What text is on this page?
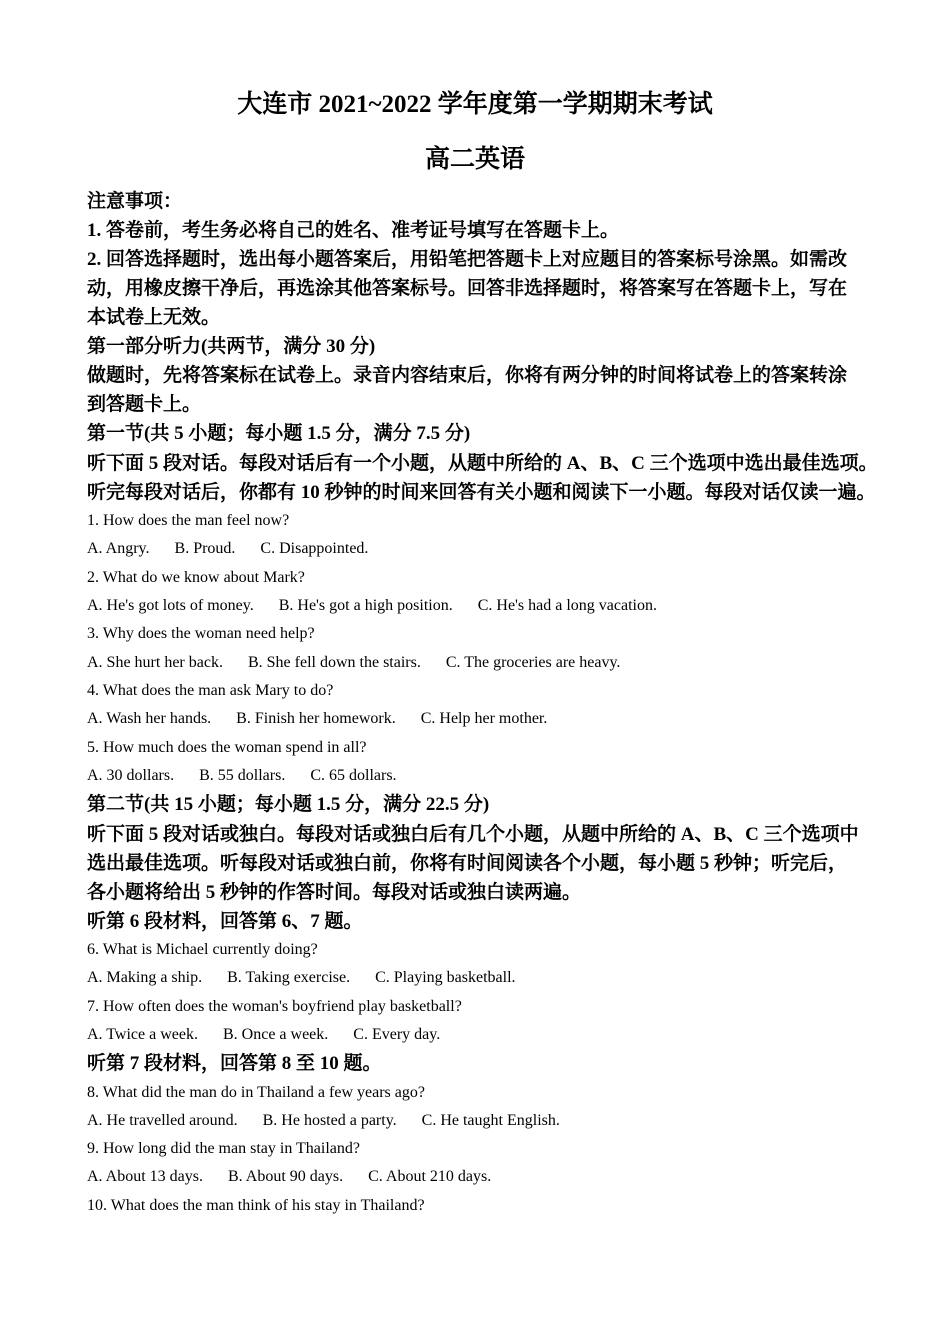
大连市 2021~2022 学年度第一学期期末考试
高二英语
注意事项：
1. 答卷前，考生务必将自己的姓名、准考证号填写在答题卡上。
2. 回答选择题时，选出每小题答案后，用铅笔把答题卡上对应题目的答案标号涂黑。如需改
动，用橡皮擦干净后，再选涂其他答案标号。回答非选择题时，将答案写在答题卡上，写在
本试卷上无效。
第一部分听力(共两节，满分 30 分)
做题时，先将答案标在试卷上。录音内容结束后，你将有两分钟的时间将试卷上的答案转涂
到答题卡上。
第一节(共 5 小题；每小题 1.5 分，满分 7.5 分)
听下面 5 段对话。每段对话后有一个小题，从题中所给的 A、B、C 三个选项中选出最佳选项。
听完每段对话后，你都有 10 秒钟的时间来回答有关小题和阅读下一小题。每段对话仅读一遍。
1. How does the man feel now?
A. Angry. B. Proud. C. Disappointed.
2. What do we know about Mark?
A. He's got lots of money. B. He's got a high position. C. He's had a long vacation.
3. Why does the woman need help?
A. She hurt her back. B. She fell down the stairs. C. The groceries are heavy.
4. What does the man ask Mary to do?
A. Wash her hands. B. Finish her homework. C. Help her mother.
5. How much does the woman spend in all?
A. 30 dollars. B. 55 dollars. C. 65 dollars.
第二节(共 15 小题；每小题 1.5 分，满分 22.5 分)
听下面 5 段对话或独白。每段对话或独白后有几个小题，从题中所给的 A、B、C 三个选项中
选出最佳选项。听每段对话或独白前，你将有时间阅读各个小题，每小题 5 秒钟；听完后，
各小题将给出 5 秒钟的作答时间。每段对话或独白读两遍。
听第 6 段材料，回答第 6、7 题。
6. What is Michael currently doing?
A. Making a ship. B. Taking exercise. C. Playing basketball.
7. How often does the woman's boyfriend play basketball?
A. Twice a week. B. Once a week. C. Every day.
听第 7 段材料，回答第 8 至 10 题。
8. What did the man do in Thailand a few years ago?
A. He travelled around. B. He hosted a party. C. He taught English.
9. How long did the man stay in Thailand?
A. About 13 days. B. About 90 days. C. About 210 days.
10. What does the man think of his stay in Thailand?
